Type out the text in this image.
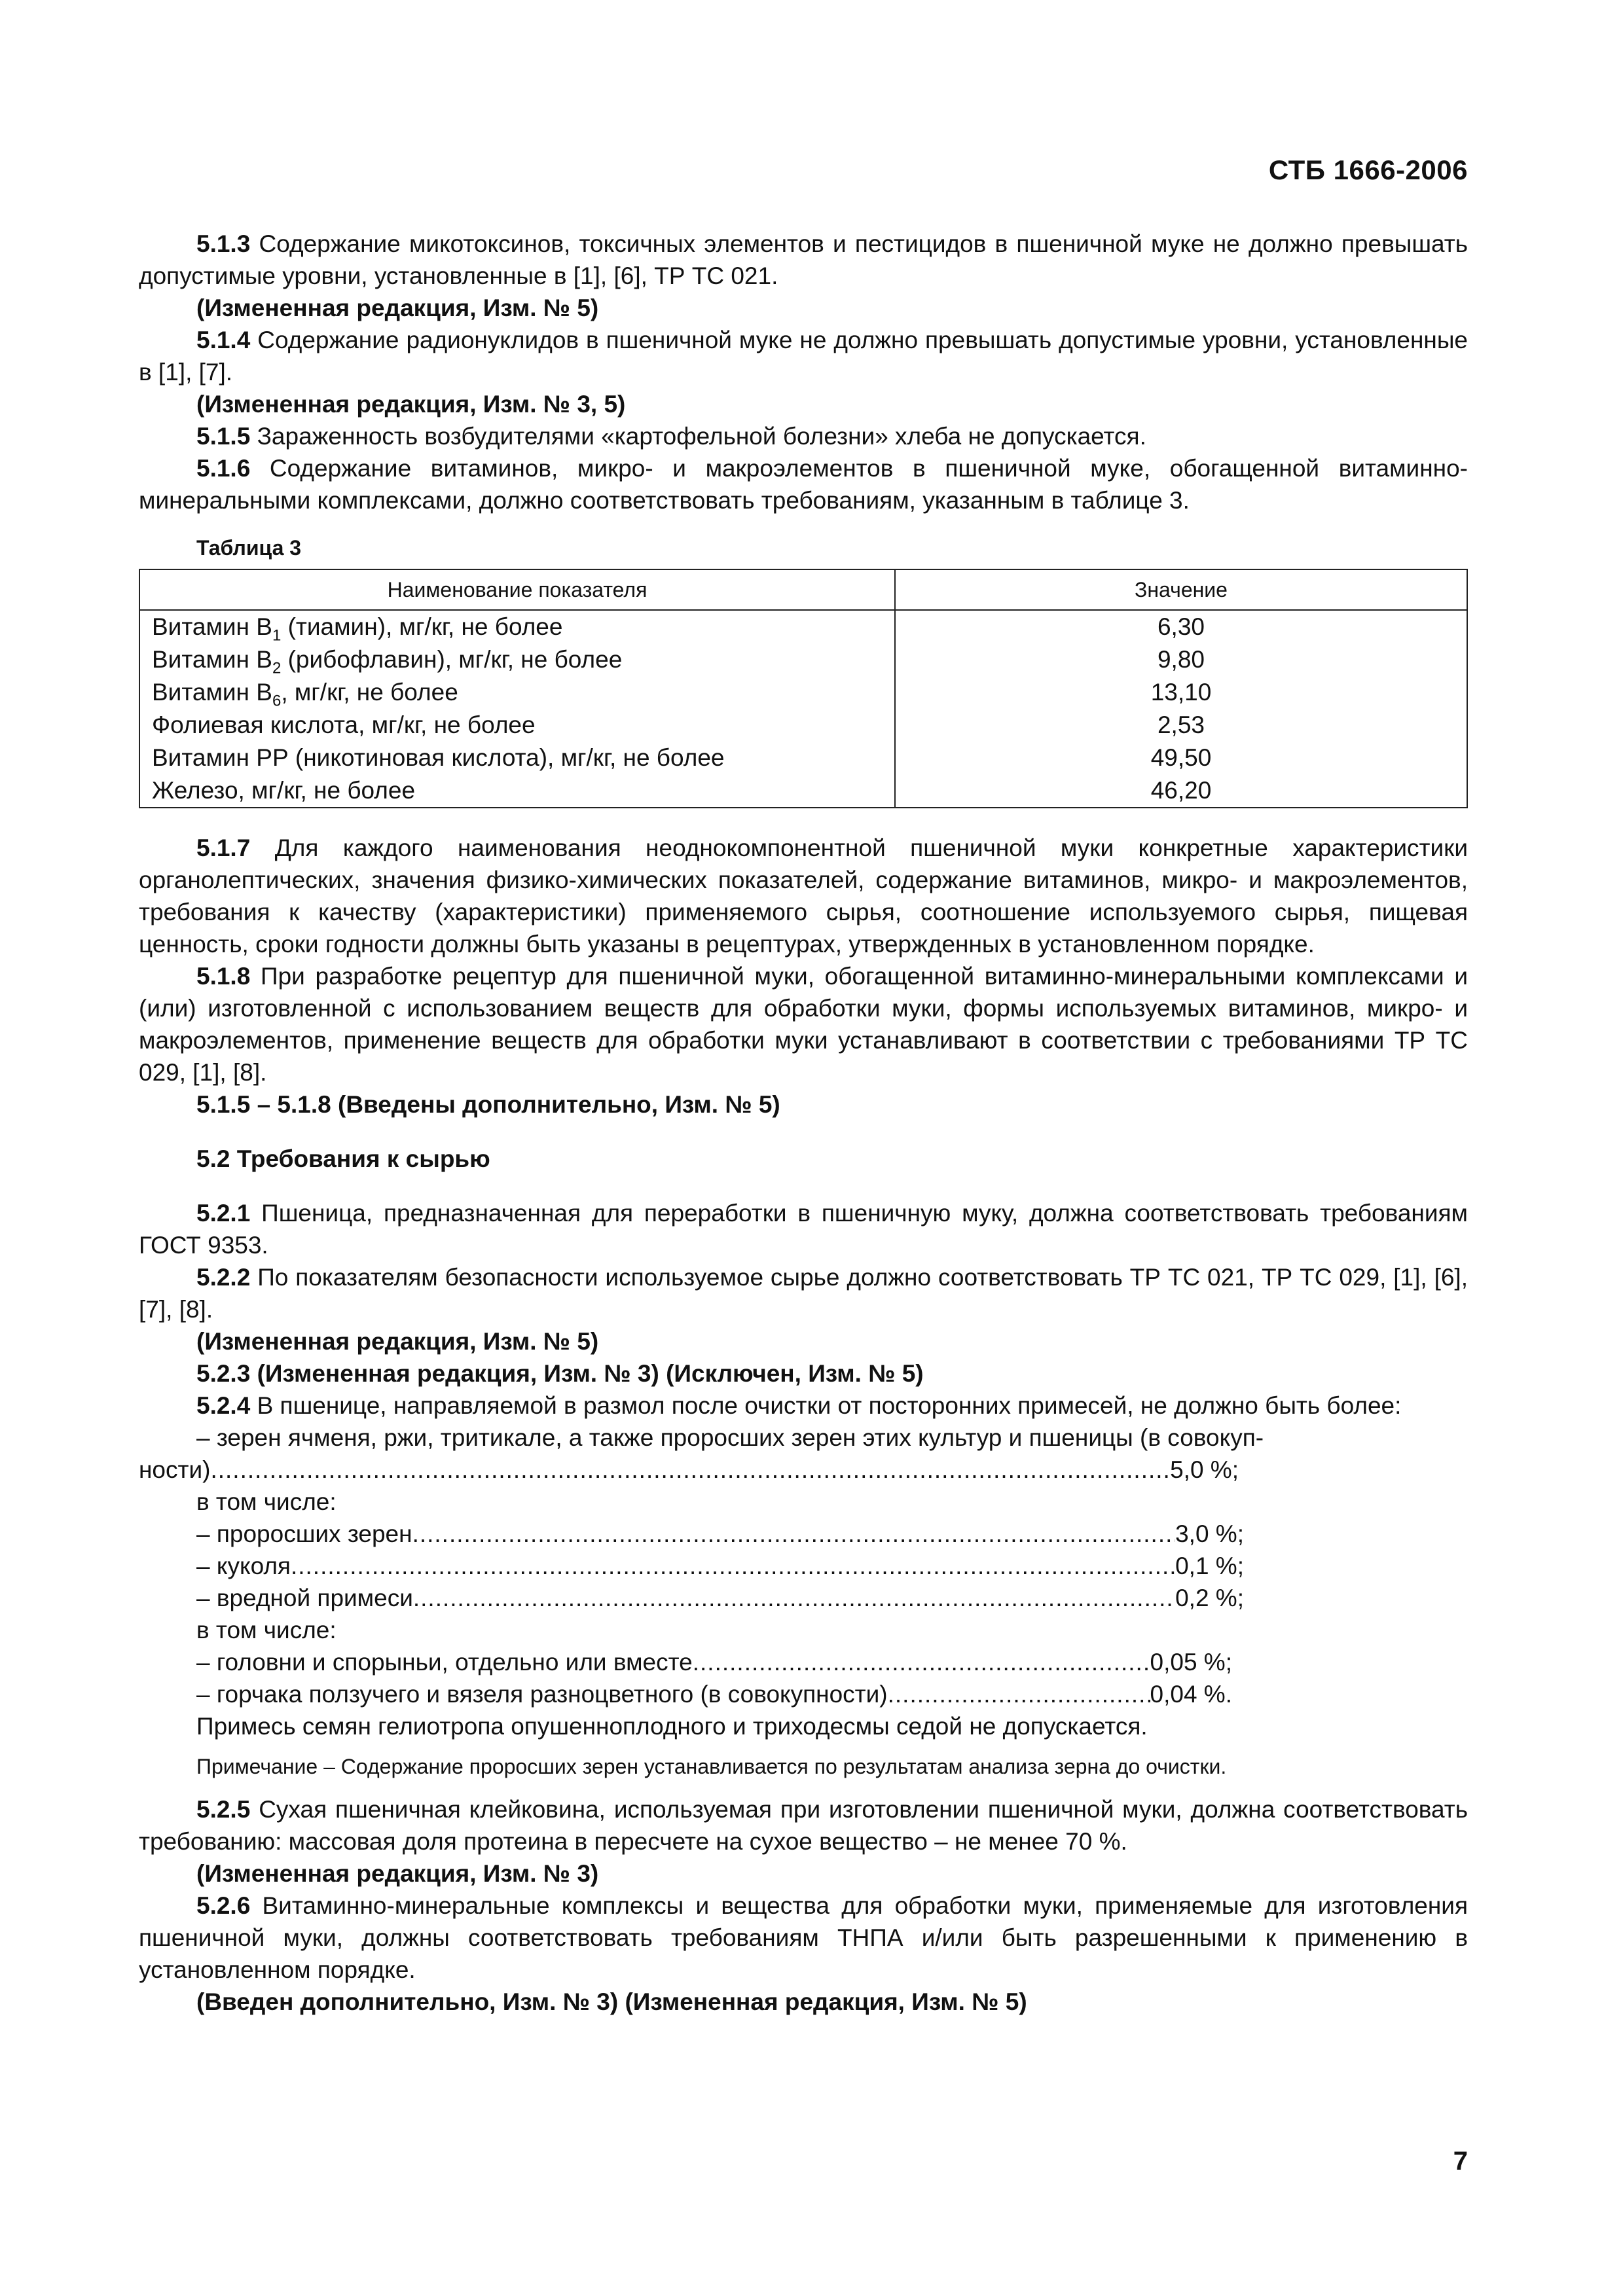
СТБ 1666-2006

5.1.3 Содержание микотоксинов, токсичных элементов и пестицидов в пшеничной муке не должно превышать допустимые уровни, установленные в [1], [6], ТР ТС 021.

(Измененная редакция, Изм. № 5)

5.1.4 Содержание радионуклидов в пшеничной муке не должно превышать допустимые уровни, установленные в [1], [7].

(Измененная редакция, Изм. № 3, 5)

5.1.5 Зараженность возбудителями «картофельной болезни» хлеба не допускается.

5.1.6 Содержание витаминов, микро- и макроэлементов в пшеничной муке, обогащенной витаминно-минеральными комплексами, должно соответствовать требованиям, указанным в таблице 3.

Таблица 3
Наименование показателя	Значение
Витамин $B_1$ (тиамин), мг/кг, не более	6,30
Витамин $B_2$ (рибофлавин), мг/кг, не более	9,80
Витамин $B_6$, мг/кг, не более	13,10
Фолиевая кислота, мг/кг, не более	2,53
Витамин РР (никотиновая кислота), мг/кг, не более	49,50
Железо, мг/кг, не более	46,20

5.1.7 Для каждого наименования неоднокомпонентной пшеничной муки конкретные характеристики органолептических, значения физико-химических показателей, содержание витаминов, микро- и макроэлементов, требования к качеству (характеристики) применяемого сырья, соотношение используемого сырья, пищевая ценность, сроки годности должны быть указаны в рецептурах, утвержденных в установленном порядке.

5.1.8 При разработке рецептур для пшеничной муки, обогащенной витаминно-минеральными комплексами и (или) изготовленной с использованием веществ для обработки муки, формы используемых витаминов, микро- и макроэлементов, применение веществ для обработки муки устанавливают в соответствии с требованиями ТР ТС 029, [1], [8].

5.1.5 – 5.1.8 (Введены дополнительно, Изм. № 5)

5.2 Требования к сырью

5.2.1 Пшеница, предназначенная для переработки в пшеничную муку, должна соответствовать требованиям ГОСТ 9353.

5.2.2 По показателям безопасности используемое сырье должно соответствовать ТР ТС 021, ТР ТС 029, [1], [6], [7], [8].

(Измененная редакция, Изм. № 5)

5.2.3 (Измененная редакция, Изм. № 3) (Исключен, Изм. № 5)

5.2.4 В пшенице, направляемой в размол после очистки от посторонних примесей, не должно быть более:

– зерен ячменя, ржи, тритикале, а также проросших зерен этих культур и пшеницы (в совокуп-

ности) .....	5,0 %;

в том числе:

– проросших зерен .....	3,0 %;
– куколя .....	0,1 %;
– вредной примеси .....	0,2 %;

в том числе:

– головни и спорыньи, отдельно или вместе .....	0,05 %;
– горчака ползучего и вязеля разноцветного (в совокупности) .....	0,04 %.

Примесь семян гелиотропа опушенноплодного и триходесмы седой не допускается.

Примечание – Содержание проросших зерен устанавливается по результатам анализа зерна до очистки.

5.2.5 Сухая пшеничная клейковина, используемая при изготовлении пшеничной муки, должна соответствовать требованию: массовая доля протеина в пересчете на сухое вещество – не менее 70 %.

(Измененная редакция, Изм. № 3)

5.2.6 Витаминно-минеральные комплексы и вещества для обработки муки, применяемые для изготовления пшеничной муки, должны соответствовать требованиям ТНПА и/или быть разрешенными к применению в установленном порядке.

(Введен дополнительно, Изм. № 3) (Измененная редакция, Изм. № 5)

7
